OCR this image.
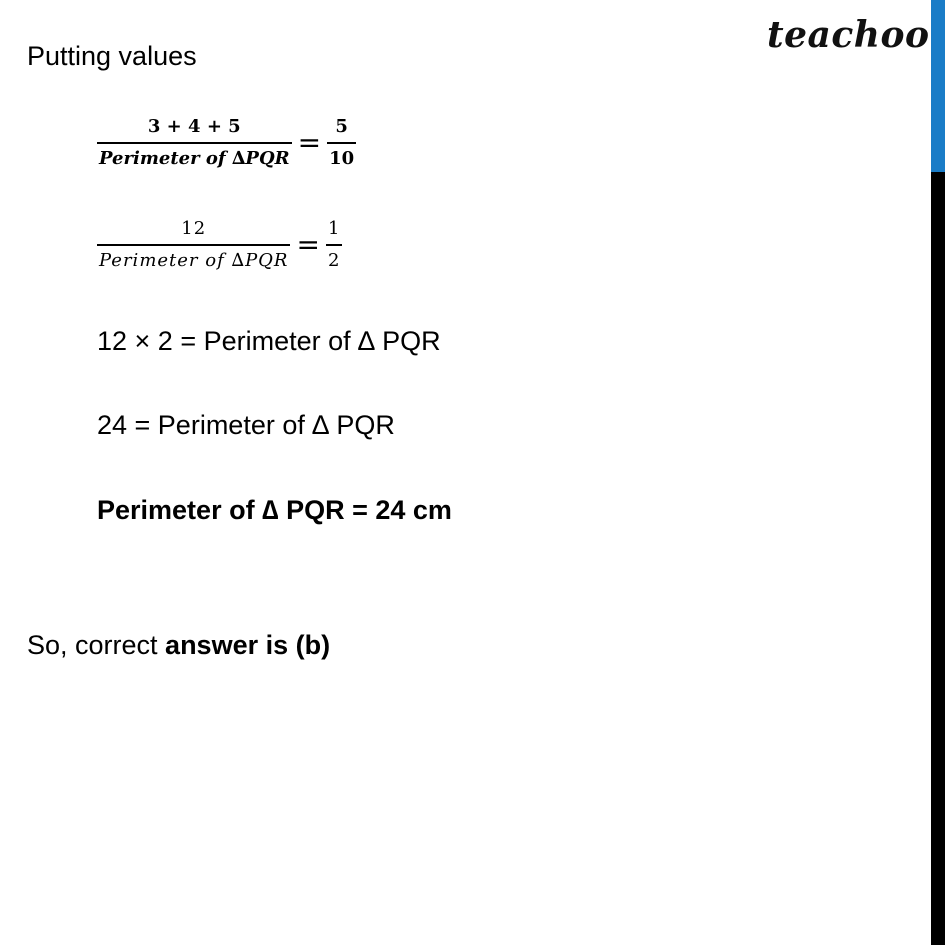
teachoo
Putting values
$\frac{3 + 4 + 5}{\text{Perimeter of ∆PQR}} = \frac{5}{10}$
$\frac{12}{\text{Perimeter of ∆PQR}} = \frac{1}{2}$
12 × 2 = Perimeter of ∆ PQR
24 = Perimeter of ∆ PQR
Perimeter of ∆ PQR = 24 cm
So, correct answer is (b)
